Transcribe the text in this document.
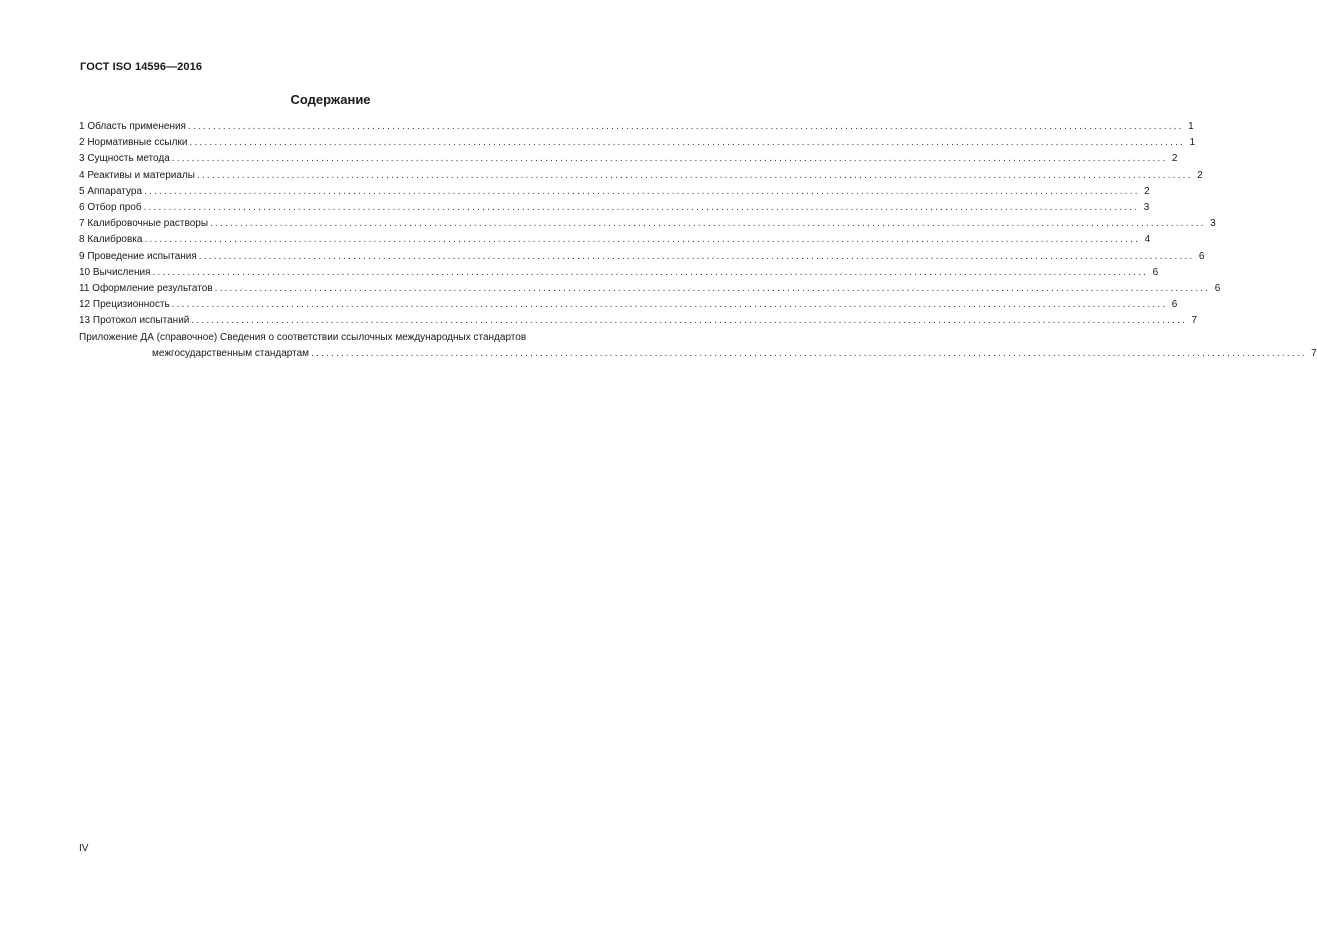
ГОСТ ISO 14596—2016
Содержание
1 Область применения ........................................................................................................................................................................................................ 1
2 Нормативные ссылки ........................................................................................................................................................................................................ 1
3 Сущность метода ........................................................................................................................................................................................................ 2
4 Реактивы и материалы ........................................................................................................................................................................................................ 2
5 Аппаратура ........................................................................................................................................................................................................ 2
6 Отбор проб ........................................................................................................................................................................................................ 3
7 Калибровочные растворы ........................................................................................................................................................................................................ 3
8 Калибровка ........................................................................................................................................................................................................ 4
9 Проведение испытания ........................................................................................................................................................................................................ 6
10 Вычисления ........................................................................................................................................................................................................ 6
11 Оформление результатов ........................................................................................................................................................................................................ 6
12 Прецизионность ........................................................................................................................................................................................................ 6
13 Протокол испытаний ........................................................................................................................................................................................................ 7
Приложение ДА (справочное) Сведения о соответствии ссылочных международных стандартов
межгосударственным стандартам ........................................................................................................................................................................................................ 7
IV
